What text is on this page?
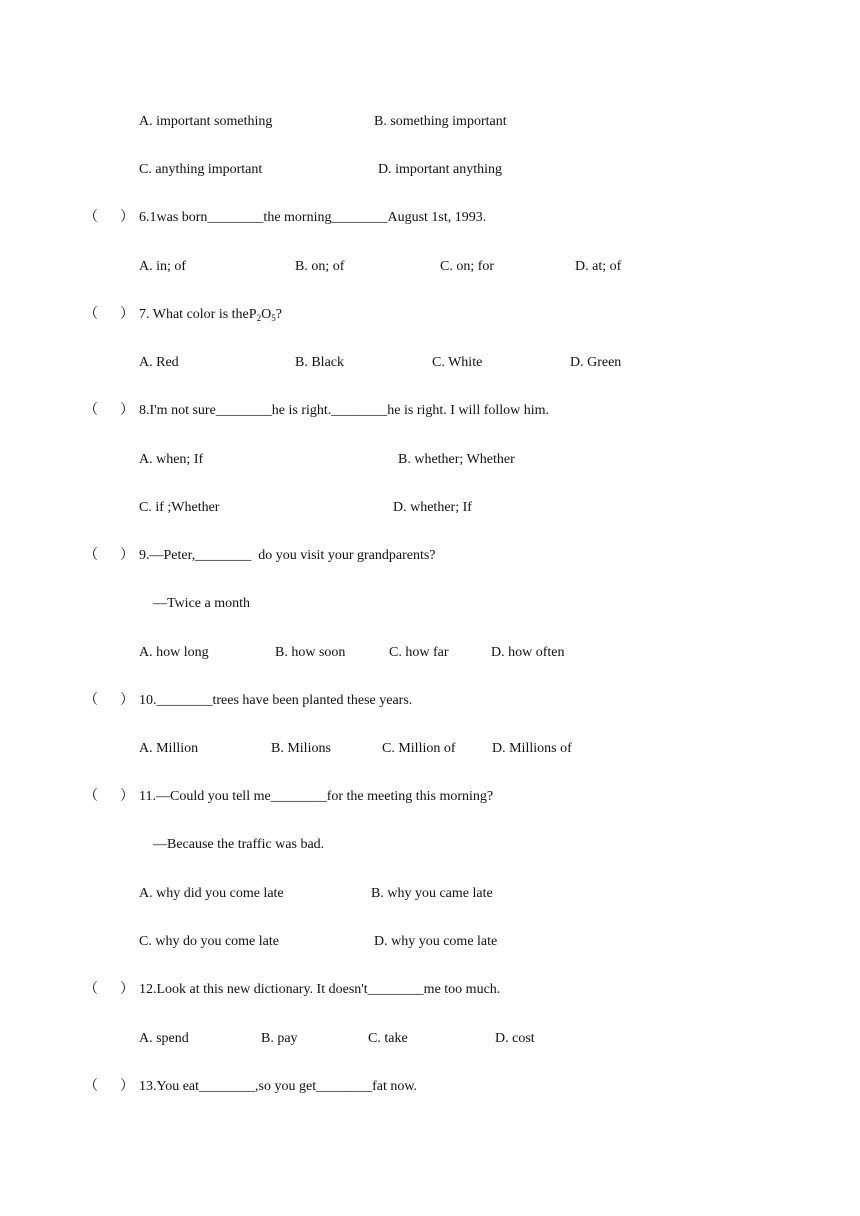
A. important something	B. something important
C. anything important	D. important anything
（ ） 6.1was born________the morning________August 1st, 1993.
A. in; of	B. on; of	C. on; for	D. at; of
（ ） 7. What color is $theP_2O_5$?
A. Red	B. Black	C. White	D. Green
（ ） 8.I'm not sure________he is right.________he is right. I will follow him.
A. when; If	B. whether; Whether
C. if ;Whether	D. whether; If
（ ） 9.—Peter,________  do you visit your grandparents?
—Twice a month
A. how long	B. how soon	C. how far	D. how often
（ ） 10.________trees have been planted these years.
A. Million	B. Milions	C. Million of	D. Millions of
（ ） 11.—Could you tell me________for the meeting this morning?
—Because the traffic was bad.
A. why did you come late	B. why you came late
C. why do you come late	D. why you come late
（ ） 12.Look at this new dictionary. It doesn't________me too much.
A. spend	B. pay	C. take	D. cost
（ ） 13.You eat________,so you get________fat now.
